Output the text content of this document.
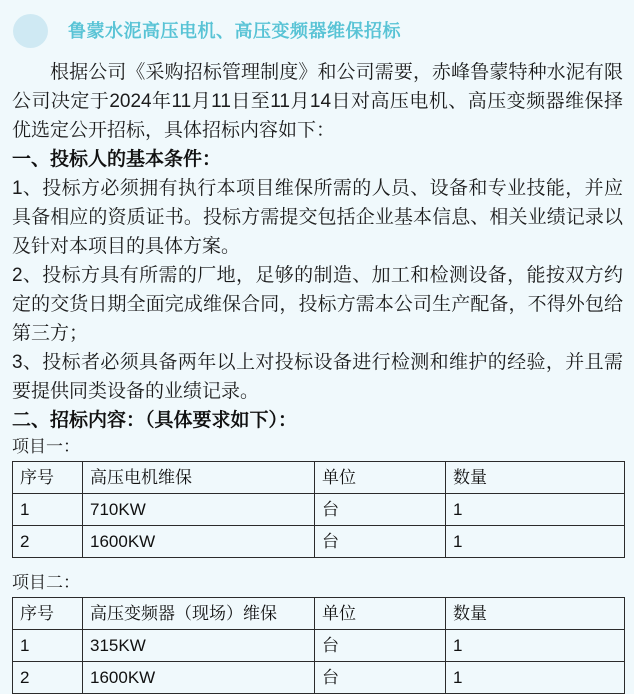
鲁蒙水泥高压电机、高压变频器维保招标

根据公司《采购招标管理制度》和公司需要，赤峰鲁蒙特种水泥有限公司决定于2024年11月11日至11月14日对高压电机、高压变频器维保择优选定公开招标，具体招标内容如下：

一、投标人的基本条件：

1、投标方必须拥有执行本项目维保所需的人员、设备和专业技能，并应具备相应的资质证书。投标方需提交包括企业基本信息、相关业绩记录以及针对本项目的具体方案。

2、投标方具有所需的厂地，足够的制造、加工和检测设备，能按双方约定的交货日期全面完成维保合同，投标方需本公司生产配备，不得外包给第三方；

3、投标者必须具备两年以上对投标设备进行检测和维护的经验，并且需要提供同类设备的业绩记录。

二、招标内容：（具体要求如下）：
项目一：
序号	高压电机维保	单位	数量
1	710KW	台	1
2	1600KW	台	1
项目二：
序号	高压变频器（现场）维保	单位	数量
1	315KW	台	1
2	1600KW	台	1
